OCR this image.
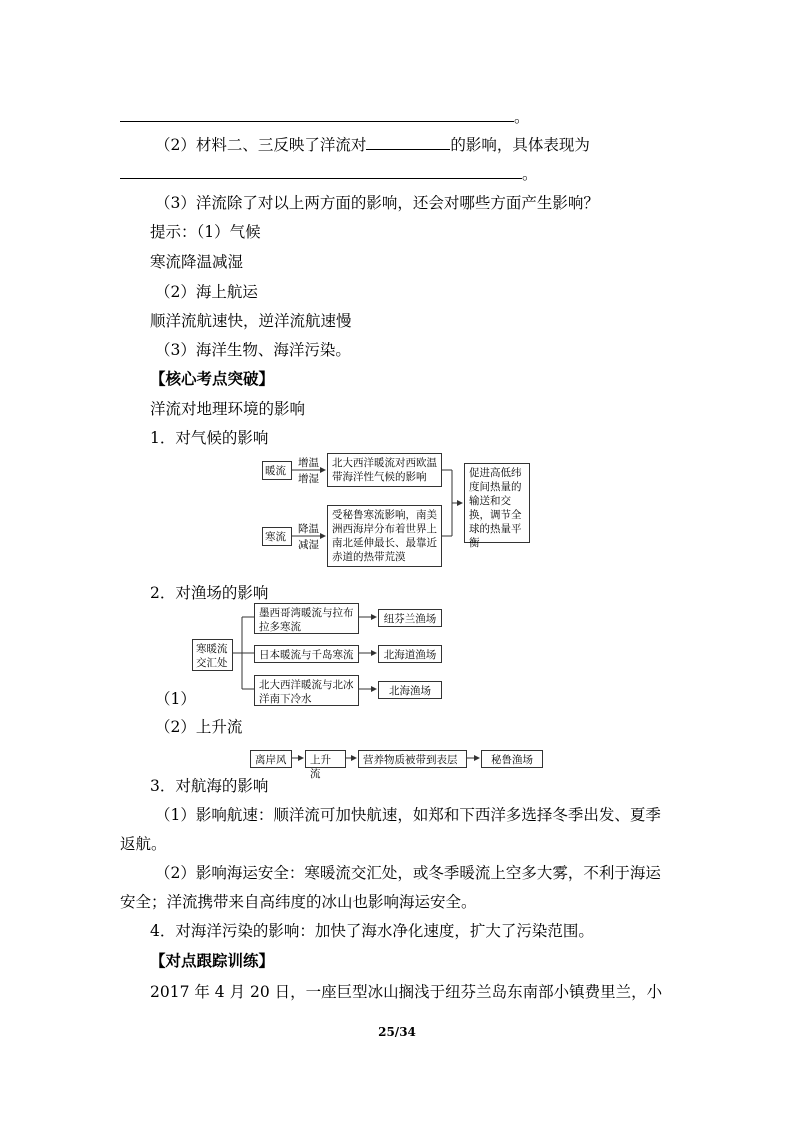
。
（2）材料二、三反映了洋流对	的影响，具体表现为
。
（3）洋流除了对以上两方面的影响，还会对哪些方面产生影响？
提示：（1）气候
寒流降温减湿
（2）海上航运
顺洋流航速快，逆洋流航速慢
（3）海洋生物、海洋污染。
【核心考点突破】
洋流对地理环境的影响
1．对气候的影响
暖流
增温
增湿
北大西洋暖流对西欧温带海洋性气候的影响
寒流
降温
减湿
受秘鲁寒流影响，南美洲西海岸分布着世界上南北延伸最长、最靠近赤道的热带荒漠
促进高低纬度间热量的输送和交换，调节全球的热量平衡
2．对渔场的影响
寒暖流交汇处
墨西哥湾暖流与拉布拉多寒流
纽芬兰渔场
日本暖流与千岛寒流	北海道渔场
北大西洋暖流与北冰洋南下冷水
北海渔场
（1）
（2）上升流
离岸风	上升流
营养物质被带到表层	秘鲁渔场
3．对航海的影响
（1）影响航速：顺洋流可加快航速，如郑和下西洋多选择冬季出发、夏季
返航。
（2）影响海运安全：寒暖流交汇处，或冬季暖流上空多大雾，不利于海运
安全；洋流携带来自高纬度的冰山也影响海运安全。
4．对海洋污染的影响：加快了海水净化速度，扩大了污染范围。
【对点跟踪训练】
2017 年 4 月 20 日，一座巨型冰山搁浅于纽芬兰岛东南部小镇费里兰，小
25/34
